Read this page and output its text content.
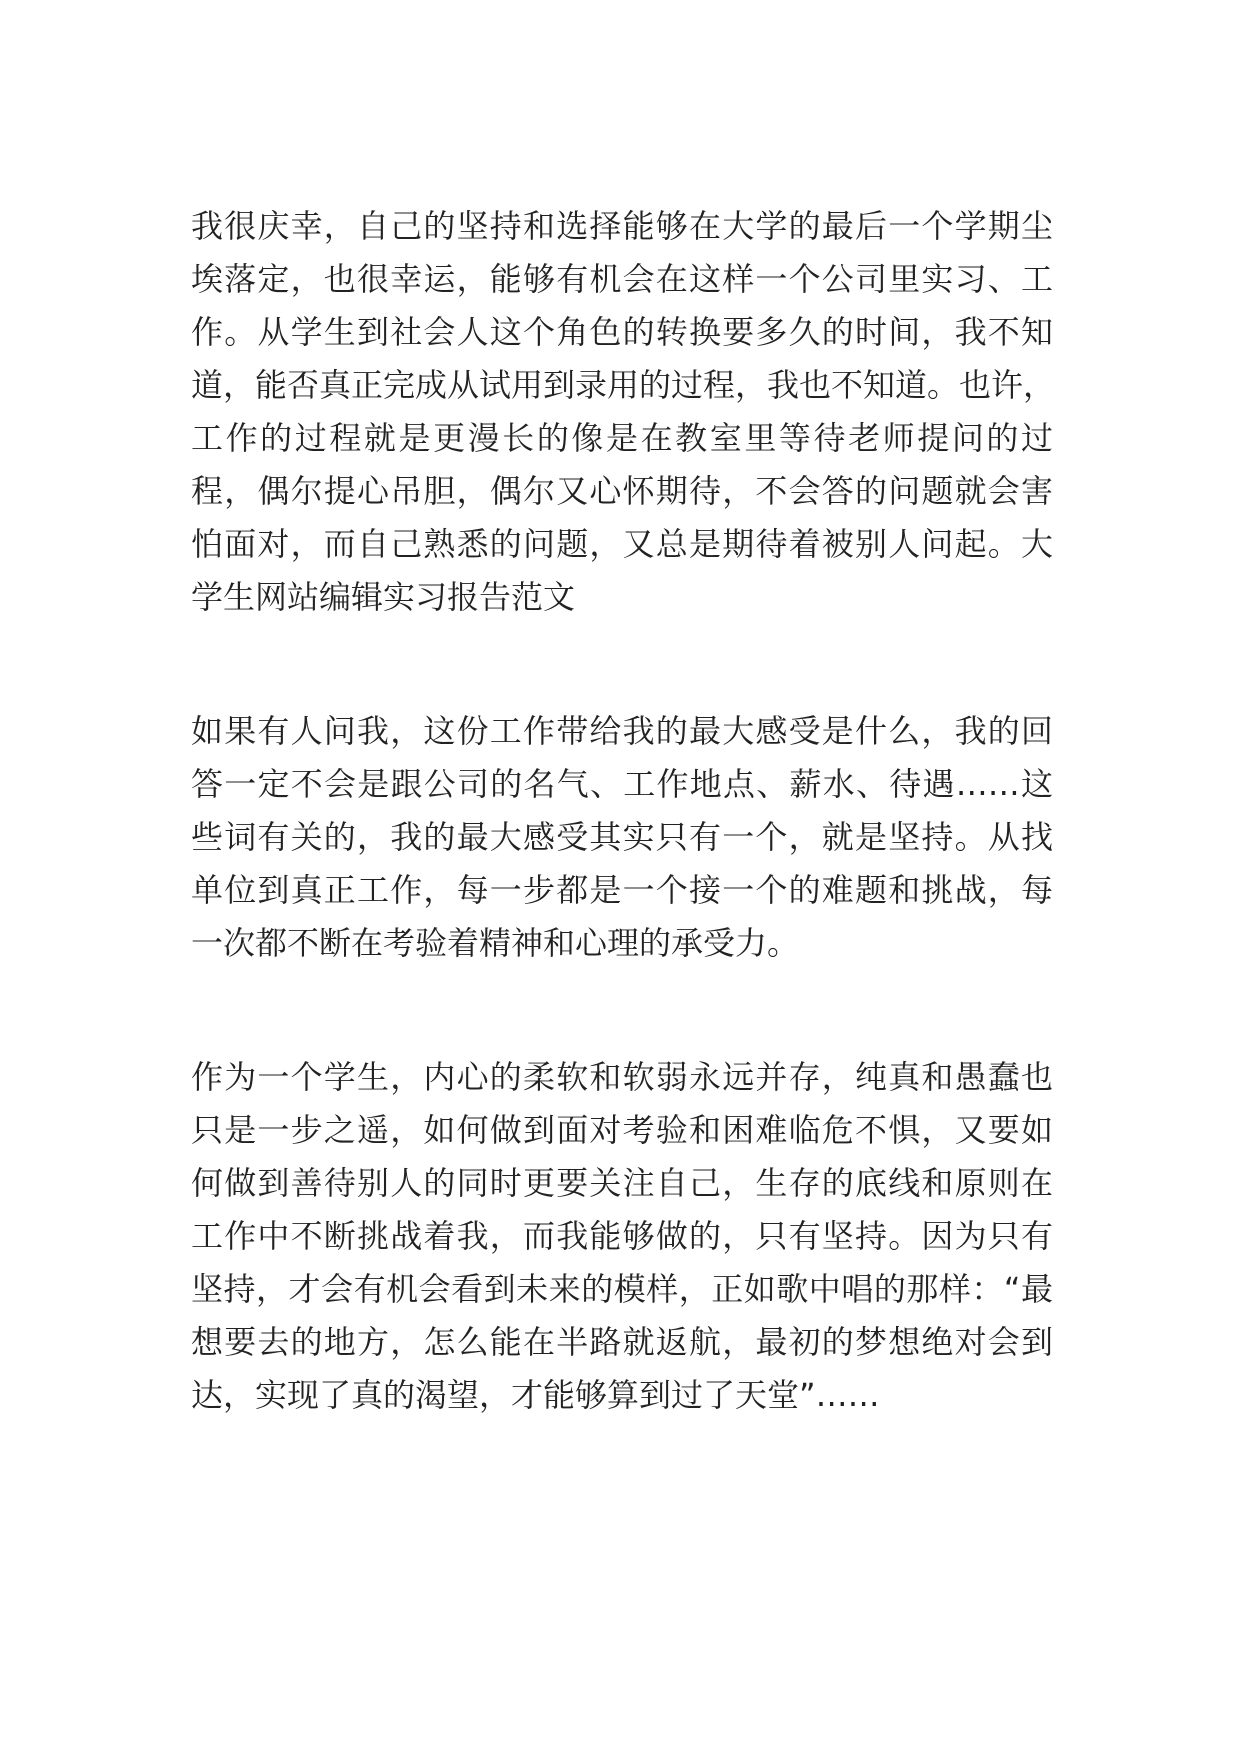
我很庆幸，自己的坚持和选择能够在大学的最后一个学期尘
埃落定，也很幸运，能够有机会在这样一个公司里实习、工
作。从学生到社会人这个角色的转换要多久的时间，我不知
道，能否真正完成从试用到录用的过程，我也不知道。也许，
工作的过程就是更漫长的像是在教室里等待老师提问的过
程，偶尔提心吊胆，偶尔又心怀期待，不会答的问题就会害
怕面对，而自己熟悉的问题，又总是期待着被别人问起。大
学生网站编辑实习报告范文
如果有人问我，这份工作带给我的最大感受是什么，我的回
答一定不会是跟公司的名气、工作地点、薪水、待遇……这
些词有关的，我的最大感受其实只有一个，就是坚持。从找
单位到真正工作，每一步都是一个接一个的难题和挑战，每
一次都不断在考验着精神和心理的承受力。
作为一个学生，内心的柔软和软弱永远并存，纯真和愚蠢也
只是一步之遥，如何做到面对考验和困难临危不惧，又要如
何做到善待别人的同时更要关注自己，生存的底线和原则在
工作中不断挑战着我，而我能够做的，只有坚持。因为只有
坚持，才会有机会看到未来的模样，正如歌中唱的那样：“最
想要去的地方，怎么能在半路就返航，最初的梦想绝对会到
达，实现了真的渴望，才能够算到过了天堂”……
